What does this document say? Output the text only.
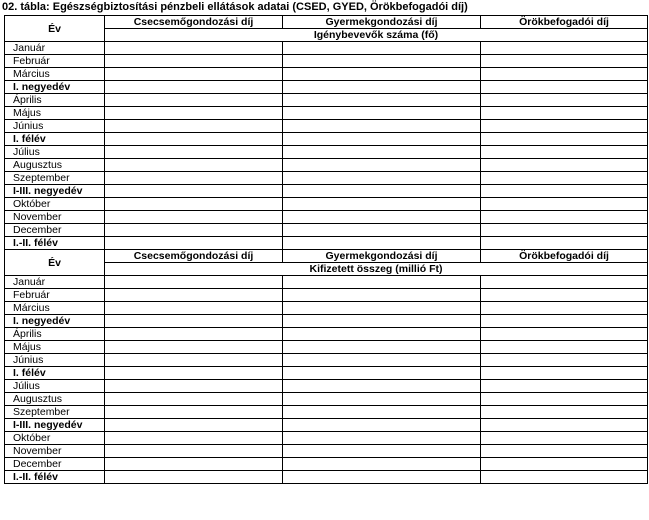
02. tábla: Egészségbiztosítási pénzbeli ellátások adatai (CSED, GYED, Örökbefogadói díj)
Év	Csecsemőgondozási díj	Gyermekgondozási díj	Örökbefogadói díj
	Igénybevevők száma (fő)		
Január			
Február			
Március			
I. negyedév			
Április			
Május			
Június			
I. félév			
Július			
Augusztus			
Szeptember			
I-III. negyedév			
Október			
November			
December			
I.-II. félév			
Év	Csecsemőgondozási díj	Gyermekgondozási díj	Örökbefogadói díj
	Kifizetett összeg (millió Ft)		
Január			
Február			
Március			
I. negyedév			
Április			
Május			
Június			
I. félév			
Július			
Augusztus			
Szeptember			
I-III. negyedév			
Október			
November			
December			
I.-II. félév			
